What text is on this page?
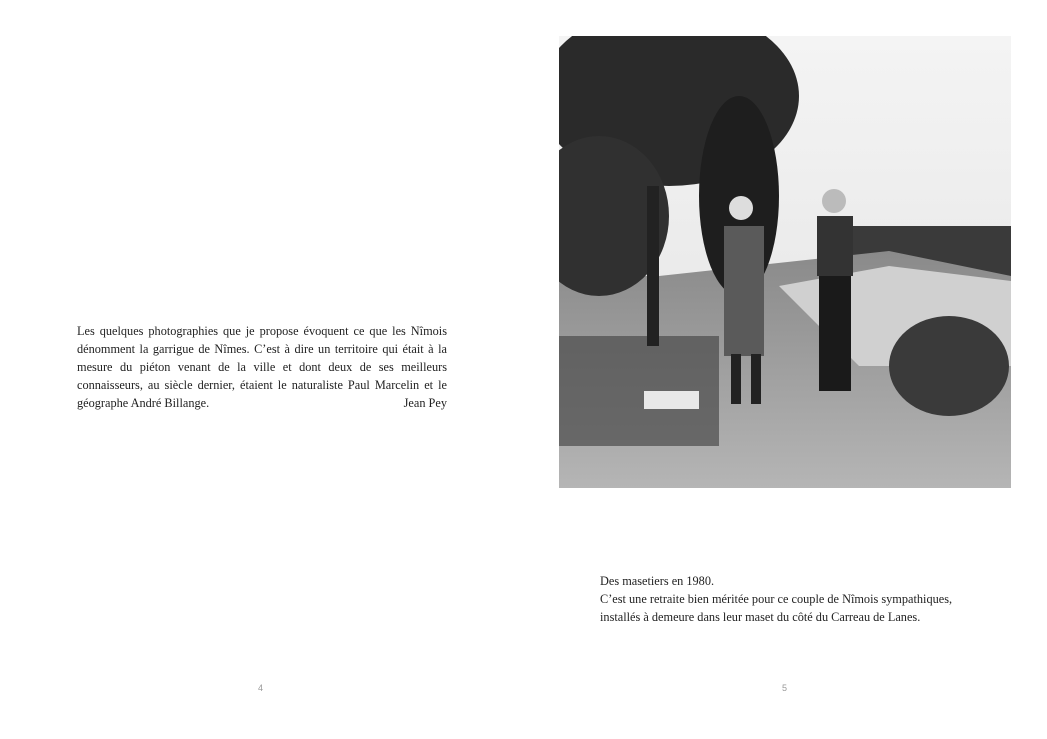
Les quelques photographies que je propose évoquent ce que les Nîmois dénomment la garrigue de Nîmes. C’est à dire un territoire qui était à la mesure du piéton venant de la ville et dont deux de ses meilleurs connaisseurs, au siècle dernier, étaient le naturaliste Paul Marcelin et le géographe André Billange.	Jean Pey
4
Des masetiers en 1980.
C’est une retraite bien méritée pour ce couple de Nîmois sympathiques,
installés à demeure dans leur maset du côté du Carreau de Lanes.
5
